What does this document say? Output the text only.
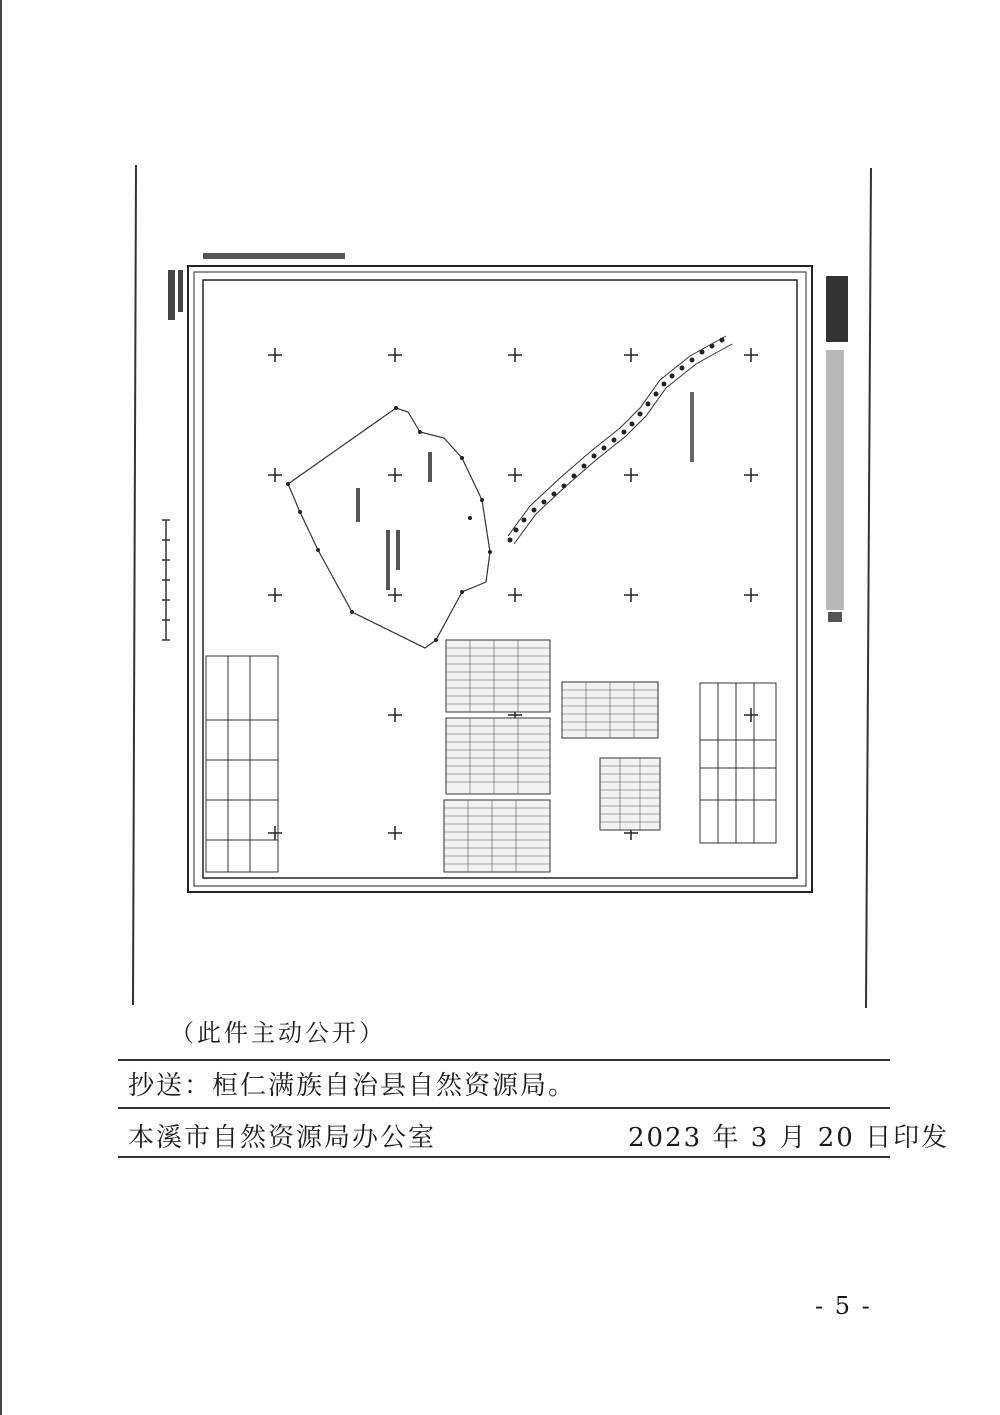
（此件主动公开）
抄送：桓仁满族自治县自然资源局。
本溪市自然资源局办公室	2023 年 3 月 20 日印发
- 5 -
